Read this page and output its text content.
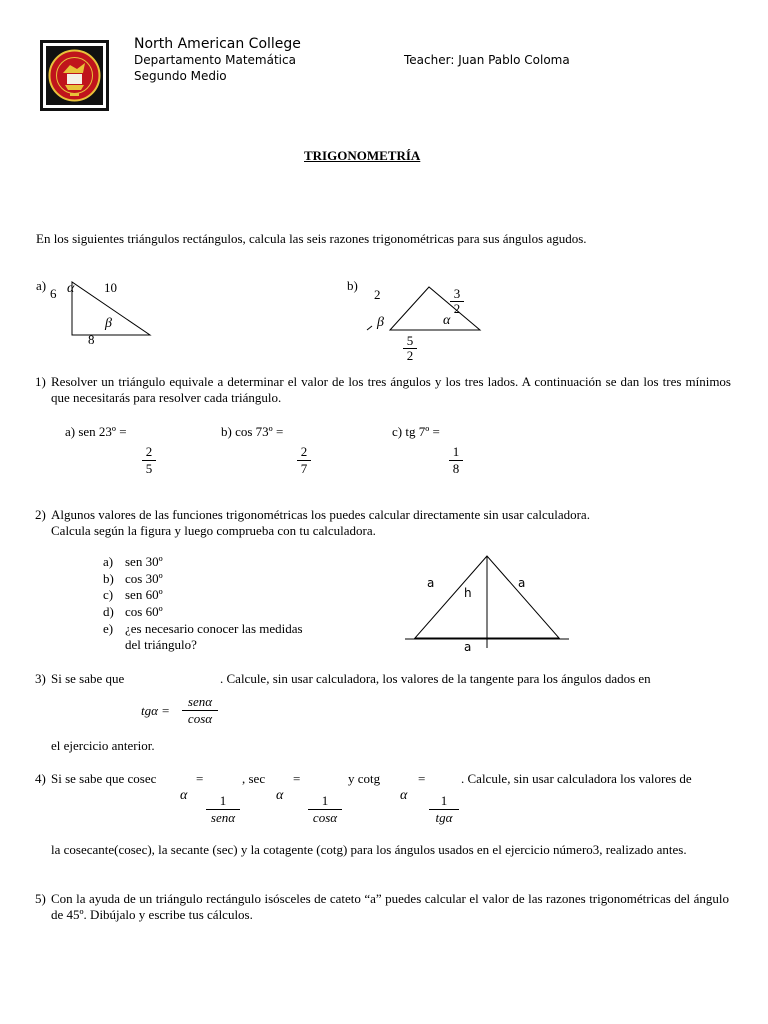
North American College
Departamento Matemática	Teacher: Juan Pablo Coloma
Segundo Medio
TRIGONOMETRÍA
En los siguientes triángulos rectángulos, calcula las seis razones trigonométricas para sus ángulos agudos.
a)
6 α 10
β
8
b)
2	$\frac{3}{2}$
α
β
$\frac{5}{2}$
1) Resolver un triángulo equivale a determinar el valor de los tres ángulos y los tres lados. A continuación se dan los tres mínimos que necesitarás para resolver cada triángulo.
a) sen 23º =
$\frac{2}{5}$
b) cos 73º =
$\frac{2}{7}$
c) tg 7º =
$\frac{1}{8}$
2) Algunos valores de las funciones trigonométricas los puedes calcular directamente sin usar calculadora.
Calcula según la figura y luego comprueba con tu calculadora.
a) sen 30º
b) cos 30º
c) sen 60º
d) cos 60º
e) ¿es necesario conocer las medidas
del triángulo?
a	a
h
a
3) Si se sabe que	. Calcule, sin usar calculadora, los valores de la tangente para los ángulos dados en
tgα =
senα
cosα
el ejercicio anterior.
4) Si se sabe que cosec	=	, sec =	y cotg	=	. Calcule, sin usar calculadora los valores de
α	α	α
1
senα	$\frac{1}{\cos\alpha}$	1
tgα
la cosecante(cosec), la secante (sec) y la cotagente (cotg) para los ángulos usados en el ejercicio número3, realizado antes.
5) Con la ayuda de un triángulo rectángulo isósceles de cateto “a” puedes calcular el valor de las razones trigonométricas del ángulo de 45º. Dibújalo y escribe tus cálculos.
